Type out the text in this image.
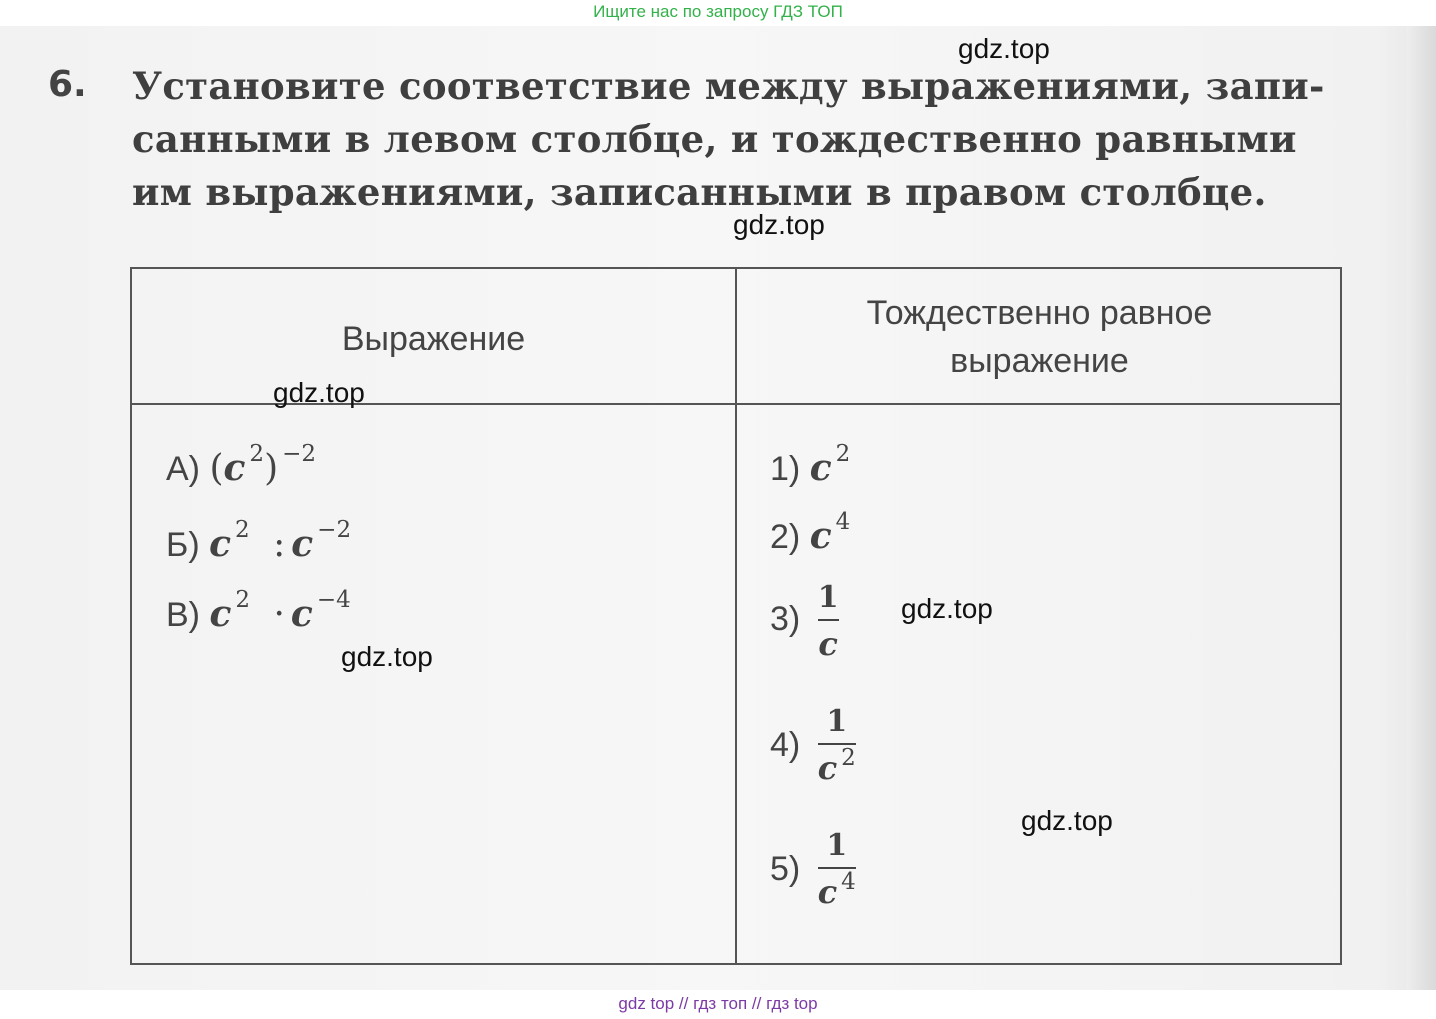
Ищите нас по запросу ГДЗ ТОП
6. Установите соответствие между выражениями, запи-
санными в левом столбце, и тождественно равными
им выражениями, записанными в правом столбце.
Выражение
Тождественно равное
выражение
А) (c $^2$) $^{-2}$
Б) c $^2$ : c $^{-2}$
В) c $^2$ · c $^{-4}$
1) c $^2$
2) c $^4$
$3) \frac{1}{c}$
$4) \frac{1}{c ^2}$
$5) \frac{1}{c ^4}$
gdz.top
gdz.top
gdz.top
gdz.top
gdz.top
gdz.top
gdz top // гдз топ // гдз top
